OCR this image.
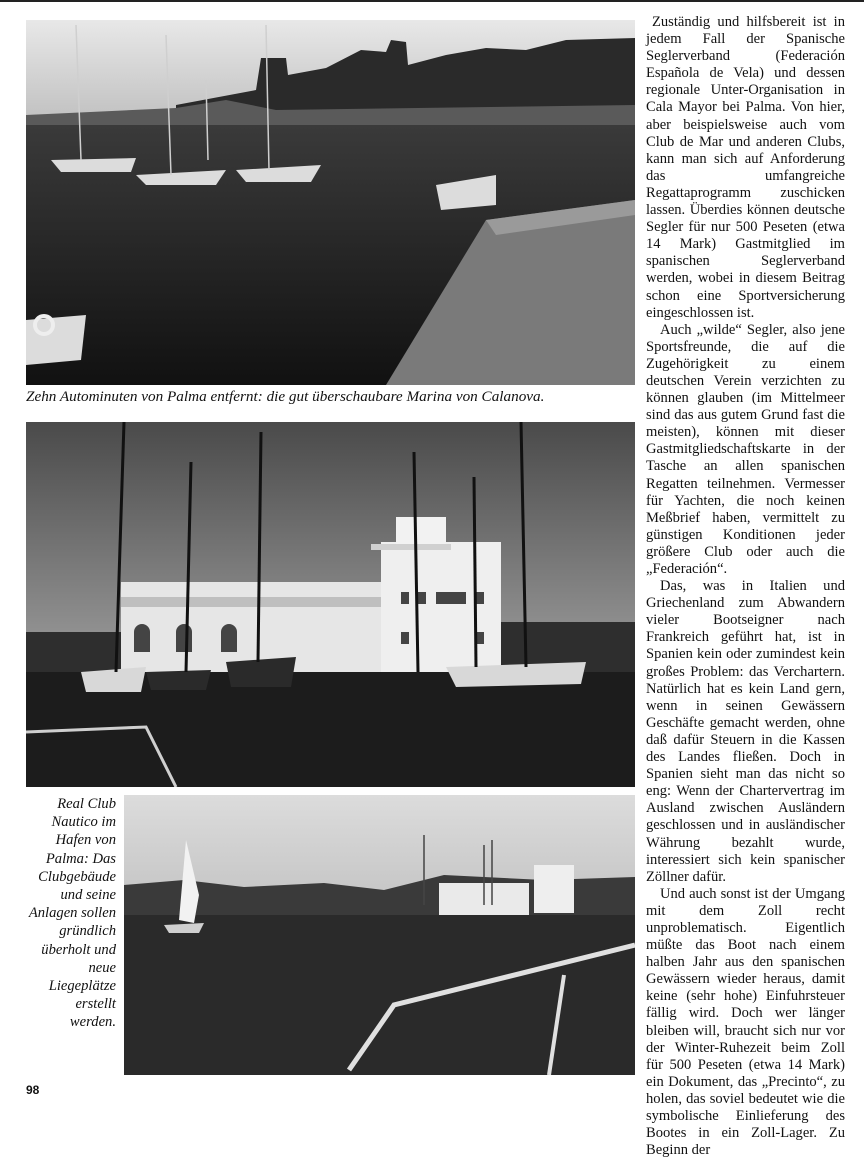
Zehn Autominuten von Palma entfernt: die gut überschaubare Marina von Calanova.
Real Club Nautico im Hafen von Palma: Das Clubgebäude und seine Anlagen sollen gründlich überholt und neue Liegeplätze erstellt werden.

Zuständig und hilfsbereit ist in jedem Fall der Spanische Seglerverband (Federación Española de Vela) und dessen regionale Unter-Organisation in Cala Mayor bei Palma. Von hier, aber beispielsweise auch vom Club de Mar und anderen Clubs, kann man sich auf Anforderung das umfangreiche Regattaprogramm zuschicken lassen. Überdies können deutsche Segler für nur 500 Peseten (etwa 14 Mark) Gastmitglied im spanischen Seglerverband werden, wobei in diesem Beitrag schon eine Sportversicherung eingeschlossen ist.

Auch „wilde“ Segler, also jene Sportsfreunde, die auf die Zugehörigkeit zu einem deutschen Verein verzichten zu können glauben (im Mittelmeer sind das aus gutem Grund fast die meisten), können mit dieser Gastmitgliedschaftskarte in der Tasche an allen spanischen Regatten teilnehmen. Vermesser für Yachten, die noch keinen Meßbrief haben, vermittelt zu günstigen Konditionen jeder größere Club oder auch die „Federación“.

Das, was in Italien und Griechenland zum Abwandern vieler Bootseigner nach Frankreich geführt hat, ist in Spanien kein oder zumindest kein großes Problem: das Verchartern. Natürlich hat es kein Land gern, wenn in seinen Gewässern Geschäfte gemacht werden, ohne daß dafür Steuern in die Kassen des Landes fließen. Doch in Spanien sieht man das nicht so eng: Wenn der Chartervertrag im Ausland zwischen Ausländern geschlossen und in ausländischer Währung bezahlt wurde, interessiert sich kein spanischer Zöllner dafür.

Und auch sonst ist der Umgang mit dem Zoll recht unproblematisch. Eigentlich müßte das Boot nach einem halben Jahr aus den spanischen Gewässern wieder heraus, damit keine (sehr hohe) Einfuhrsteuer fällig wird. Doch wer länger bleiben will, braucht sich nur vor der Winter-Ruhezeit beim Zoll für 500 Peseten (etwa 14 Mark) ein Dokument, das „Precinto“, zu holen, das soviel bedeutet wie die symbolische Einlieferung des Bootes in ein Zoll-Lager. Zu Beginn der

98
